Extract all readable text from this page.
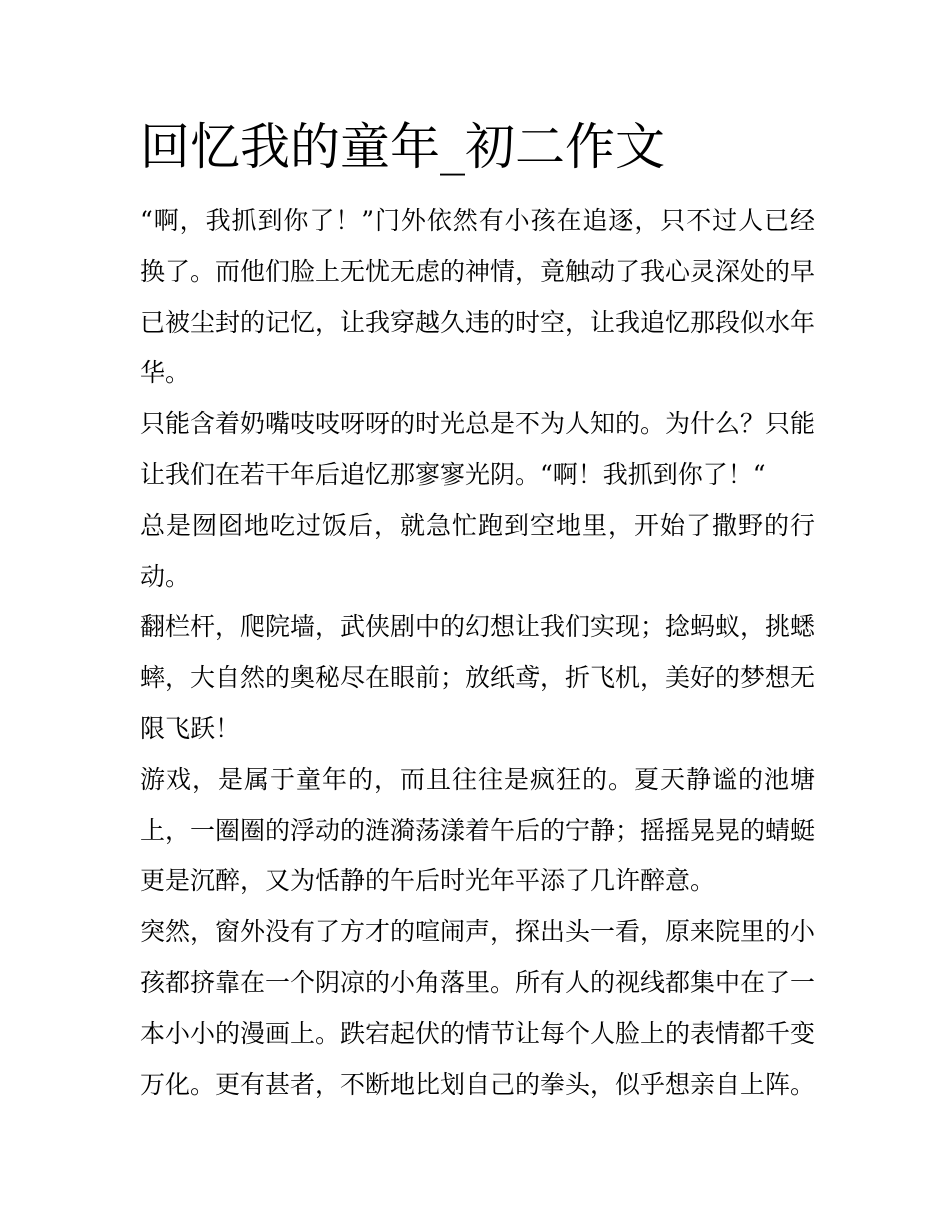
回忆我的童年_初二作文

“啊，我抓到你了！”门外依然有小孩在追逐，只不过人已经换了。而他们脸上无忧无虑的神情，竟触动了我心灵深处的早已被尘封的记忆，让我穿越久违的时空，让我追忆那段似水年华。

只能含着奶嘴吱吱呀呀的时光总是不为人知的。为什么？只能让我们在若干年后追忆那寥寥光阴。“啊！我抓到你了！“

总是囫囵地吃过饭后，就急忙跑到空地里，开始了撒野的行动。

翻栏杆，爬院墙，武侠剧中的幻想让我们实现；捻蚂蚁，挑蟋蟀，大自然的奥秘尽在眼前；放纸鸢，折飞机，美好的梦想无限飞跃！

游戏，是属于童年的，而且往往是疯狂的。夏天静谧的池塘上，一圈圈的浮动的涟漪荡漾着午后的宁静；摇摇晃晃的蜻蜓更是沉醉，又为恬静的午后时光年平添了几许醉意。

突然，窗外没有了方才的喧闹声，探出头一看，原来院里的小孩都挤靠在一个阴凉的小角落里。所有人的视线都集中在了一本小小的漫画上。跌宕起伏的情节让每个人脸上的表情都千变万化。更有甚者，不断地比划自己的拳头，似乎想亲自上阵。
